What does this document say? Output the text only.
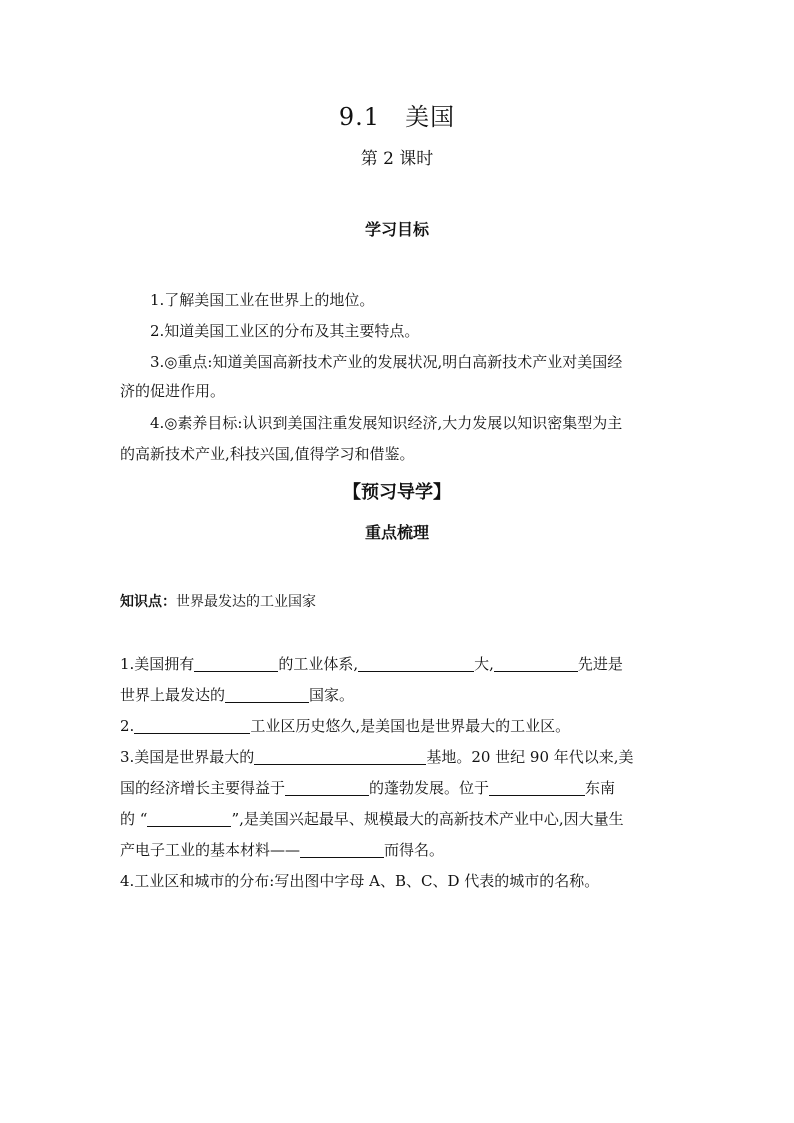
9.1　美国
第 2 课时
学习目标
1.了解美国工业在世界上的地位。
2.知道美国工业区的分布及其主要特点。
3.◎重点:知道美国高新技术产业的发展状况,明白高新技术产业对美国经
济的促进作用。
4.◎素养目标:认识到美国注重发展知识经济,大力发展以知识密集型为主
的高新技术产业,科技兴国,值得学习和借鉴。
【预习导学】
重点梳理
知识点：世界最发达的工业国家
1.美国拥有	的工业体系,	大,	先进是
世界上最发达的	国家。
2.	工业区历史悠久,是美国也是世界最大的工业区。
3.美国是世界最大的	基地。20 世纪 90 年代以来,美
国的经济增长主要得益于	的蓬勃发展。位于	东南
的 “	”,是美国兴起最早、规模最大的高新技术产业中心,因大量生
产电子工业的基本材料——	而得名。
4.工业区和城市的分布:写出图中字母 A、B、C、D 代表的城市的名称。
